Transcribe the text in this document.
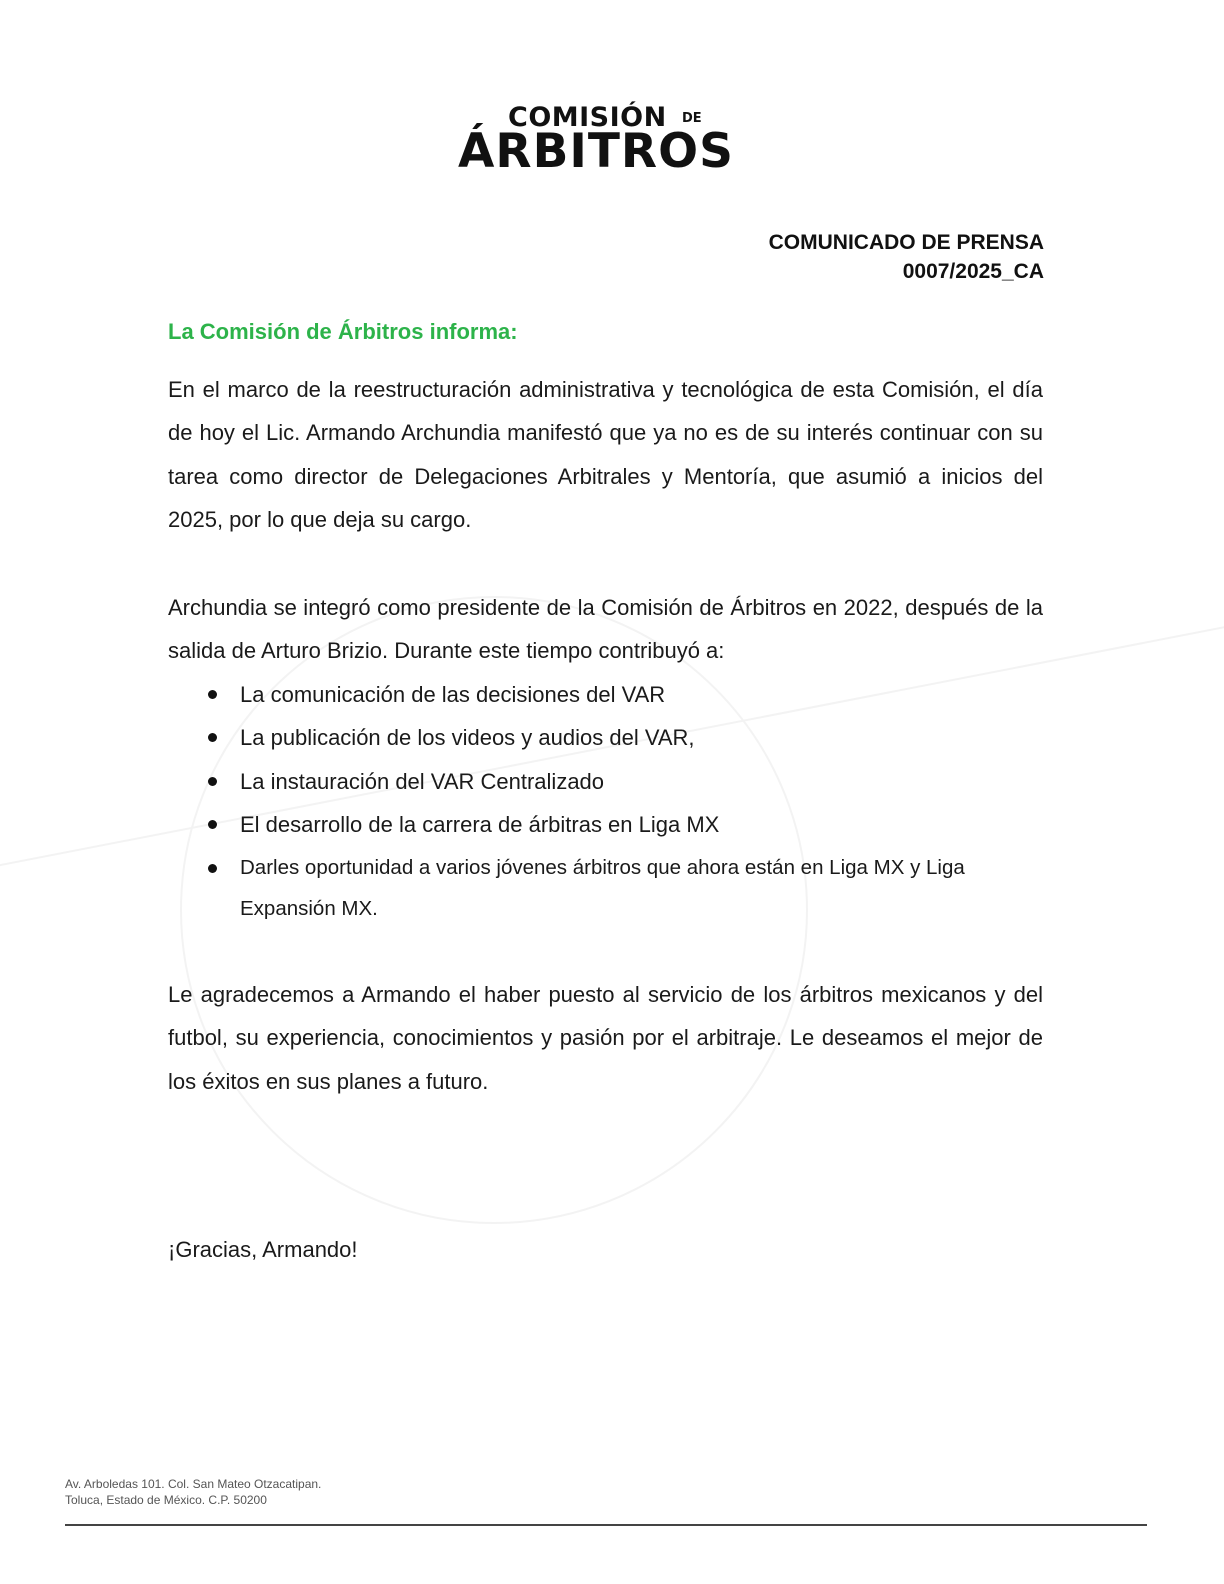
COMISIÓN DE
ÁRBITROS
COMUNICADO DE PRENSA
0007/2025_CA

La Comisión de Árbitros informa:

En el marco de la reestructuración administrativa y tecnológica de esta Comisión, el día de hoy el Lic. Armando Archundia manifestó que ya no es de su interés continuar con su tarea como director de Delegaciones Arbitrales y Mentoría, que asumió a inicios del 2025, por lo que deja su cargo.

Archundia se integró como presidente de la Comisión de Árbitros en 2022, después de la salida de Arturo Brizio. Durante este tiempo contribuyó a:

La comunicación de las decisiones del VAR
La publicación de los videos y audios del VAR,
La instauración del VAR Centralizado
El desarrollo de la carrera de árbitras en Liga MX
Darles oportunidad a varios jóvenes árbitros que ahora están en Liga MX y Liga Expansión MX.

Le agradecemos a Armando el haber puesto al servicio de los árbitros mexicanos y del futbol, su experiencia, conocimientos y pasión por el arbitraje. Le deseamos el mejor de los éxitos en sus planes a futuro.

¡Gracias, Armando!
Av. Arboledas 101. Col. San Mateo Otzacatipan.
Toluca, Estado de México. C.P. 50200
